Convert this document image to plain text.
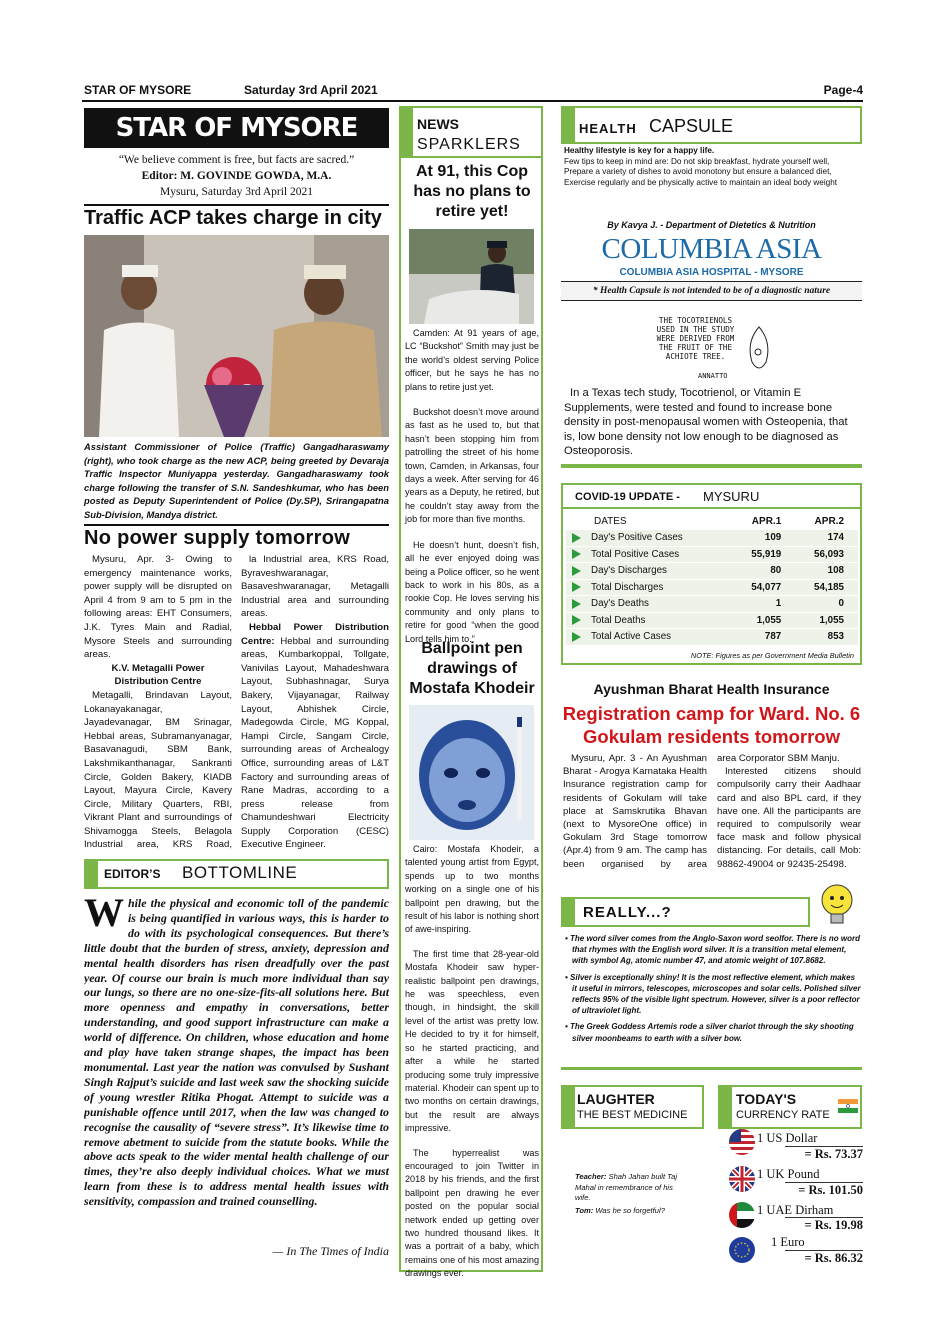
STAR OF MYSORE	Saturday 3rd April 2021	Page-4
STAR OF MYSORE
“We believe comment is free, but facts are sacred.”
Editor: M. GOVINDE GOWDA, M.A.
Mysuru, Saturday 3rd April 2021
Traffic ACP takes charge in city
Assistant Commissioner of Police (Traffic) Gangadharaswamy (right), who took charge as the new ACP, being greeted by Devaraja Traffic Inspector Muniyappa yesterday. Gangadharaswamy took charge following the transfer of S.N. Sandeshkumar, who has been posted as Deputy Superintendent of Police (Dy.SP), Srirangapatna Sub-Division, Mandya district.
No power supply tomorrow

Mysuru, Apr. 3- Owing to emergency maintenance works, power supply will be disrupted on April 4 from 9 am to 5 pm in the following areas: EHT Consumers, J.K. Tyres Main and Radial, Mysore Steels and surrounding areas.

K.V. Metagalli Power Distribution Centre

Metagalli, Brindavan Layout, Lokanayakanagar, Jayadevanagar, BM Srinagar, Hebbal areas, Subramanyanagar, Basavanagudi, SBM Bank, Lakshmikanthanagar, Sankranti Circle, Golden Bakery, KIADB Layout, Mayura Circle, Kavery Circle, Military Quarters, RBI, Vikrant Plant and surroundings of Shivamogga Steels, Belagola Industrial area, KRS Road,

la Industrial area, KRS Road, Byraveshwaranagar, Basaveshwaranagar, Metagalli Industrial area and surrounding areas.

Hebbal Power Distribution Centre: Hebbal and surrounding areas, Kumbarkoppal, Tollgate, Vanivilas Layout, Mahadeshwara Layout, Subhashnagar, Surya Bakery, Vijayanagar, Railway Layout, Abhishek Circle, Madegowda Circle, MG Koppal, Hampi Circle, Sangam Circle, surrounding areas of Archealogy Office, surrounding areas of L&T Factory and surrounding areas of Rane Madras, according to a press release from Chamundeshwari Electricity Supply Corporation (CESC) Executive Engineer.

EDITOR’S BOTTOMLINE
While the physical and economic toll of the pandemic is being quantified in various ways, this is harder to do with its psychological consequences. But there’s little doubt that the burden of stress, anxiety, depression and mental health disorders has risen dreadfully over the past year. Of course our brain is much more individual than say our lungs, so there are no one-size-fits-all solutions here. But more openness and empathy in conversations, better understanding, and good support infrastructure can make a world of difference. On children, whose education and home and play have taken strange shapes, the impact has been monumental. Last year the nation was convulsed by Sushant Singh Rajput’s suicide and last week saw the shocking suicide of young wrestler Ritika Phogat. Attempt to suicide was a punishable offence until 2017, when the law was changed to recognise the causality of “severe stress”. It’s likewise time to remove abetment to suicide from the statute books. While the above acts speak to the wider mental health challenge of our times, they’re also deeply individual choices. What we must learn from these is to address mental health issues with sensitivity, compassion and trained counselling.
— In The Times of India
NEWS
SPARKLERS
At 91, this Cop has no plans to retire yet!

Camden: At 91 years of age, LC “Buckshot” Smith may just be the world’s oldest serving Police officer, but he says he has no plans to retire just yet.

Buckshot doesn’t move around as fast as he used to, but that hasn’t been stopping him from patrolling the street of his home town, Camden, in Arkansas, four days a week. After serving for 46 years as a Deputy, he retired, but he couldn’t stay away from the job for more than five months.

He doesn’t hunt, doesn’t fish, all he ever enjoyed doing was being a Police officer, so he went back to work in his 80s, as a rookie Cop. He loves serving his community and only plans to retire for good “when the good Lord tells him to.”

Ballpoint pen drawings of Mostafa Khodeir

Cairo: Mostafa Khodeir, a talented young artist from Egypt, spends up to two months working on a single one of his ballpoint pen drawing, but the result of his labor is nothing short of awe-inspiring.

The first time that 28-year-old Mostafa Khodeir saw hyper-realistic ballpoint pen drawings, he was speechless, even though, in hindsight, the skill level of the artist was pretty low. He decided to try it for himself, so he started practicing, and after a while he started producing some truly impressive material. Khodeir can spent up to two months on certain drawings, but the result are always impressive.

The hyperrealist was encouraged to join Twitter in 2018 by his friends, and the first ballpoint pen drawing he ever posted on the popular social network ended up getting over two hundred thousand likes. It was a portrait of a baby, which remains one of his most amazing drawings ever.

HEALTH CAPSULE
Healthy lifestyle is key for a happy life.
Few tips to keep in mind are: Do not skip breakfast, hydrate yourself well, Prepare a variety of dishes to avoid monotony but ensure a balanced diet, Exercise regularly and be physically active to maintain an ideal body weight
By Kavya J. - Department of Dietetics & Nutrition
COLUMBIA ASIA
COLUMBIA ASIA HOSPITAL - MYSORE
* Health Capsule is not intended to be of a diagnostic nature
THE TOCOTRIENOLS USED IN THE STUDY WERE DERIVED FROM THE FRUIT OF THE ACHIOTE TREE.
ANNATTO
In a Texas tech study, Tocotrienol, or Vitamin E Supplements, were tested and found to increase bone density in post-menopausal women with Osteopenia, that is, low bone density not low enough to be diagnosed as Osteoporosis.
COVID-19 UPDATE - MYSURU
DATES	APR.1	APR.2
Day's Positive Cases	109	174
Total Positive Cases	55,919	56,093
Day's Discharges	80	108
Total Discharges	54,077	54,185
Day's Deaths	1	0
Total Deaths	1,055	1,055
Total Active Cases	787	853
NOTE: Figures as per Government Media Bulletin
Ayushman Bharat Health Insurance
Registration camp for Ward. No. 6 Gokulam residents tomorrow

Mysuru, Apr. 3 - An Ayushman Bharat - Arogya Karnataka Health Insurance registration camp for residents of Gokulam will take place at Samskrutika Bhavan (next to MysoreOne office) in Gokulam 3rd Stage tomorrow (Apr.4) from 9 am. The camp has been organised by area

area Corporator SBM Manju.

Interested citizens should compulsorily carry their Aadhaar card and also BPL card, if they have one. All the participants are required to compulsorily wear face mask and follow physical distancing. For details, call Mob: 98862-49004 or 92435-25498.

REALLY...?
• The word silver comes from the Anglo-Saxon word seolfor. There is no word that rhymes with the English word silver. It is a transition metal element, with symbol Ag, atomic number 47, and atomic weight of 107.8682.
• Silver is exceptionally shiny! It is the most reflective element, which makes it useful in mirrors, telescopes, microscopes and solar cells. Polished silver reflects 95% of the visible light spectrum. However, silver is a poor reflector of ultraviolet light.
• The Greek Goddess Artemis rode a silver chariot through the sky shooting silver moonbeams to earth with a silver bow.
LAUGHTER
THE BEST MEDICINE
Teacher: Shah Jahan built Taj Mahal in remembrance of his wife.
Tom: Was he so forgetful?
TODAY'S
CURRENCY RATE
1 US Dollar
= Rs. 73.37
1 UK Pound
= Rs. 101.50
1 UAE Dirham
= Rs. 19.98
1 Euro
= Rs. 86.32
